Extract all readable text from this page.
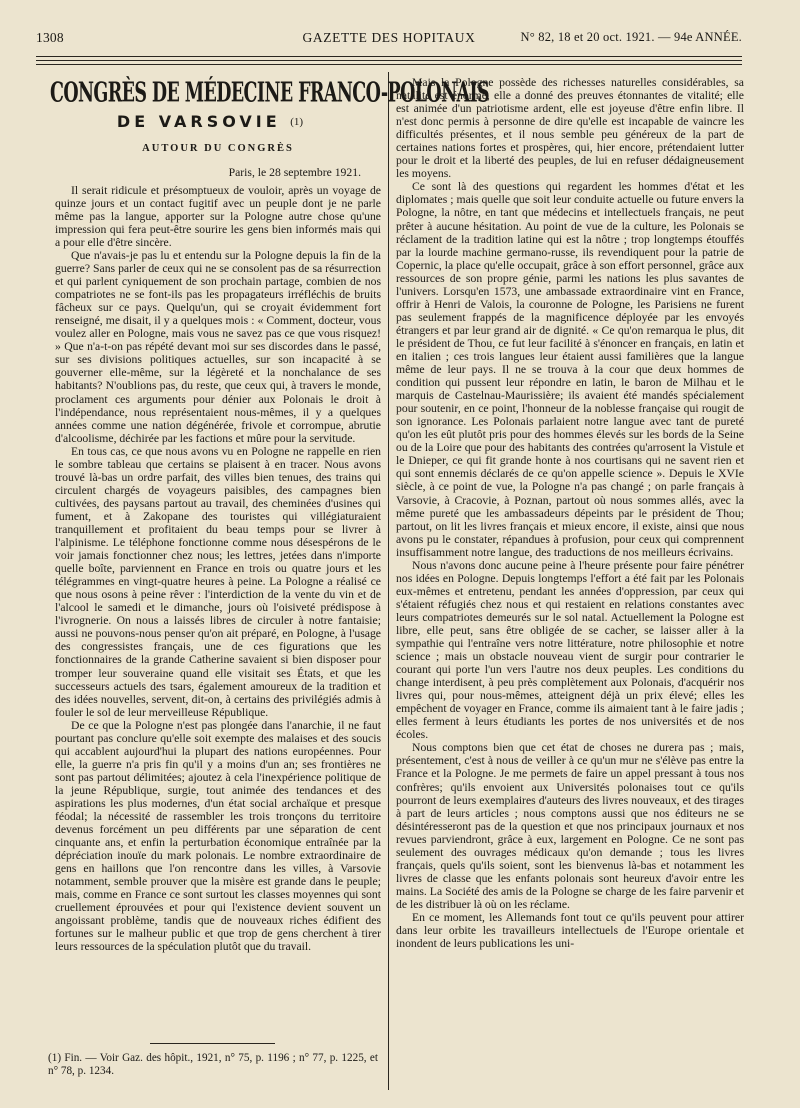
1308	GAZETTE DES HOPITAUX	N° 82, 18 et 20 oct. 1921. — 94e ANNÉE.
CONGRÈS DE MÉDECINE FRANCO-POLONAIS
DE VARSOVIE (1)
AUTOUR DU CONGRÈS
Paris, le 28 septembre 1921.

Il serait ridicule et présomptueux de vouloir, après un voyage de quinze jours et un contact fugitif avec un peuple dont je ne parle même pas la langue, apporter sur la Pologne autre chose qu'une impression qui fera peut-être sourire les gens bien informés mais qui a pour elle d'être sincère.

Que n'avais-je pas lu et entendu sur la Pologne depuis la fin de la guerre? Sans parler de ceux qui ne se consolent pas de sa résurrection et qui parlent cyniquement de son prochain partage, combien de nos compatriotes ne se font-ils pas les propagateurs irréfléchis de bruits fâcheux sur ce pays. Quelqu'un, qui se croyait évidemment fort renseigné, me disait, il y a quelques mois : « Comment, docteur, vous voulez aller en Pologne, mais vous ne savez pas ce que vous risquez! » Que n'a-t-on pas répété devant moi sur ses discordes dans le passé, sur ses divisions politiques actuelles, sur son incapacité à se gouverner elle-même, sur la légèreté et la nonchalance de ses habitants? N'oublions pas, du reste, que ceux qui, à travers le monde, proclament ces arguments pour dénier aux Polonais le droit à l'indépendance, nous représentaient nous-mêmes, il y a quelques années comme une nation dégénérée, frivole et corrompue, abrutie d'alcoolisme, déchirée par les factions et mûre pour la servitude.

En tous cas, ce que nous avons vu en Pologne ne rappelle en rien le sombre tableau que certains se plaisent à en tracer. Nous avons trouvé là-bas un ordre parfait, des villes bien tenues, des trains qui circulent chargés de voyageurs paisibles, des campagnes bien cultivées, des paysans partout au travail, des cheminées d'usines qui fument, et à Zakopane des touristes qui villégiaturaient tranquillement et profitaient du beau temps pour se livrer à l'alpinisme. Le téléphone fonctionne comme nous désespérons de le voir jamais fonctionner chez nous; les lettres, jetées dans n'importe quelle boîte, parviennent en France en trois ou quatre jours et les télégrammes en vingt-quatre heures à peine. La Pologne a réalisé ce que nous osons à peine rêver : l'interdiction de la vente du vin et de l'alcool le samedi et le dimanche, jours où l'oisiveté prédispose à l'ivrognerie. On nous a laissés libres de circuler à notre fantaisie; aussi ne pouvons-nous penser qu'on ait préparé, en Pologne, à l'usage des congressistes français, une de ces figurations que les fonctionnaires de la grande Catherine savaient si bien disposer pour tromper leur souveraine quand elle visitait ses États, et que les successeurs actuels des tsars, également amoureux de la tradition et des idées nouvelles, servent, dit-on, à certains des privilégiés admis à fouler le sol de leur merveilleuse République.

De ce que la Pologne n'est pas plongée dans l'anarchie, il ne faut pourtant pas conclure qu'elle soit exempte des malaises et des soucis qui accablent aujourd'hui la plupart des nations européennes. Pour elle, la guerre n'a pris fin qu'il y a moins d'un an; ses frontières ne sont pas partout délimitées; ajoutez à cela l'inexpérience politique de la jeune République, surgie, tout animée des tendances et des aspirations les plus modernes, d'un état social archaïque et presque féodal; la nécessité de rassembler les trois tronçons du territoire devenus forcément un peu différents par une séparation de cent cinquante ans, et enfin la perturbation économique entraînée par la dépréciation inouïe du mark polonais. Le nombre extraordinaire de gens en haillons que l'on rencontre dans les villes, à Varsovie notamment, semble prouver que la misère est grande dans le peuple; mais, comme en France ce sont surtout les classes moyennes qui sont cruellement éprouvées et pour qui l'existence devient souvent un angoissant problème, tandis que de nouveaux riches édifient des fortunes sur le malheur public et que trop de gens cherchent à tirer leurs ressources de la spéculation plutôt que du travail.

Mais la Pologne possède des richesses naturelles considérables, sa natalité est énorme, elle a donné des preuves étonnantes de vitalité; elle est animée d'un patriotisme ardent, elle est joyeuse d'être enfin libre. Il n'est donc permis à personne de dire qu'elle est incapable de vaincre les difficultés présentes, et il nous semble peu généreux de la part de certaines nations fortes et prospères, qui, hier encore, prétendaient lutter pour le droit et la liberté des peuples, de lui en refuser dédaigneusement les moyens.

Ce sont là des questions qui regardent les hommes d'état et les diplomates ; mais quelle que soit leur conduite actuelle ou future envers la Pologne, la nôtre, en tant que médecins et intellectuels français, ne peut prêter à aucune hésitation. Au point de vue de la culture, les Polonais se réclament de la tradition latine qui est la nôtre ; trop longtemps étouffés par la lourde machine germano-russe, ils revendiquent pour la patrie de Copernic, la place qu'elle occupait, grâce à son effort personnel, grâce aux ressources de son propre génie, parmi les nations les plus savantes de l'univers. Lorsqu'en 1573, une ambassade extraordinaire vint en France, offrir à Henri de Valois, la couronne de Pologne, les Parisiens ne furent pas seulement frappés de la magnificence déployée par les envoyés étrangers et par leur grand air de dignité. « Ce qu'on remarqua le plus, dit le président de Thou, ce fut leur facilité à s'énoncer en français, en latin et en italien ; ces trois langues leur étaient aussi familières que la langue même de leur pays. Il ne se trouva à la cour que deux hommes de condition qui pussent leur répondre en latin, le baron de Milhau et le marquis de Castelnau-Maurissière; ils avaient été mandés spécialement pour soutenir, en ce point, l'honneur de la noblesse française qui rougit de son ignorance. Les Polonais parlaient notre langue avec tant de pureté qu'on les eût plutôt pris pour des hommes élevés sur les bords de la Seine ou de la Loire que pour des habitants des contrées qu'arrosent la Vistule et le Dnieper, ce qui fit grande honte à nos courtisans qui ne savent rien et qui sont ennemis déclarés de ce qu'on appelle science ». Depuis le XVIe siècle, à ce point de vue, la Pologne n'a pas changé ; on parle français à Varsovie, à Cracovie, à Poznan, partout où nous sommes allés, avec la même pureté que les ambassadeurs dépeints par le président de Thou; partout, on lit les livres français et mieux encore, il existe, ainsi que nous avons pu le constater, répandues à profusion, pour ceux qui comprennent insuffisamment notre langue, des traductions de nos meilleurs écrivains.

Nous n'avons donc aucune peine à l'heure présente pour faire pénétrer nos idées en Pologne. Depuis longtemps l'effort a été fait par les Polonais eux-mêmes et entretenu, pendant les années d'oppression, par ceux qui s'étaient réfugiés chez nous et qui restaient en relations constantes avec leurs compatriotes demeurés sur le sol natal. Actuellement la Pologne est libre, elle peut, sans être obligée de se cacher, se laisser aller à la sympathie qui l'entraîne vers notre littérature, notre philosophie et notre science ; mais un obstacle nouveau vient de surgir pour contrarier le courant qui porte l'un vers l'autre nos deux peuples. Les conditions du change interdisent, à peu près complètement aux Polonais, d'acquérir nos livres qui, pour nous-mêmes, atteignent déjà un prix élevé; elles les empêchent de voyager en France, comme ils aimaient tant à le faire jadis ; elles ferment à leurs étudiants les portes de nos universités et de nos écoles.

Nous comptons bien que cet état de choses ne durera pas ; mais, présentement, c'est à nous de veiller à ce qu'un mur ne s'élève pas entre la France et la Pologne. Je me permets de faire un appel pressant à tous nos confrères; qu'ils envoient aux Universités polonaises tout ce qu'ils pourront de leurs exemplaires d'auteurs des livres nouveaux, et des tirages à part de leurs articles ; nous comptons aussi que nos éditeurs ne se désintéresseront pas de la question et que nos principaux journaux et nos revues parviendront, grâce à eux, largement en Pologne. Ce ne sont pas seulement des ouvrages médicaux qu'on demande ; tous les livres français, quels qu'ils soient, sont les bienvenus là-bas et notamment les livres de classe que les enfants polonais sont heureux d'avoir entre les mains. La Société des amis de la Pologne se charge de les faire parvenir et de les distribuer là où on les réclame.

En ce moment, les Allemands font tout ce qu'ils peuvent pour attirer dans leur orbite les travailleurs intellectuels de l'Europe orientale et inondent de leurs publications les uni-

(1) Fin. — Voir Gaz. des hôpit., 1921, n° 75, p. 1196 ; n° 77, p. 1225, et n° 78, p. 1234.
